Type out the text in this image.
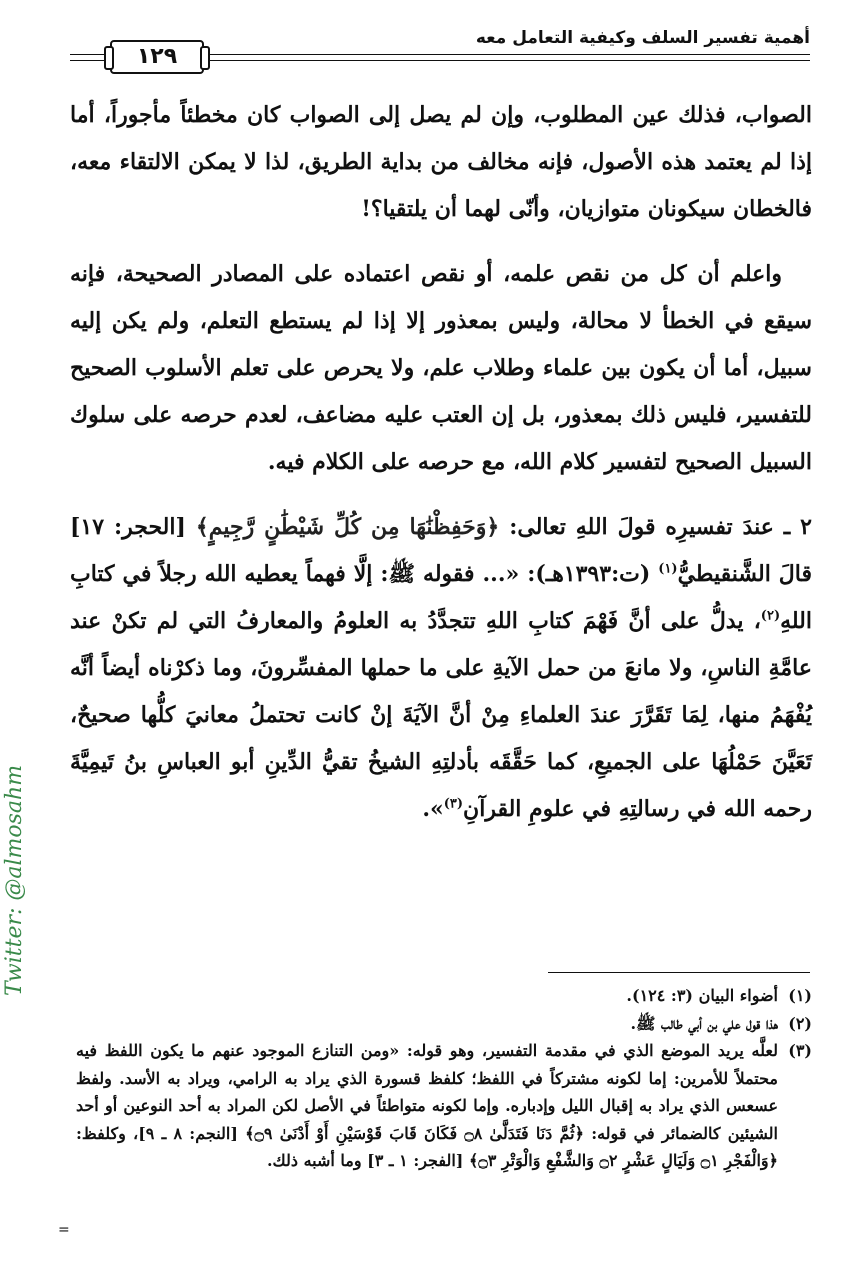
أهمية تفسير السلف وكيفية التعامل معه
١٢٩

الصواب، فذلك عين المطلوب، وإن لم يصل إلى الصواب كان مخطئاً مأجوراً، أما إذا لم يعتمد هذه الأصول، فإنه مخالف من بداية الطريق، لذا لا يمكن الالتقاء معه، فالخطان سيكونان متوازيان، وأنّى لهما أن يلتقيا؟!

واعلم أن كل من نقص علمه، أو نقص اعتماده على المصادر الصحيحة، فإنه سيقع في الخطأ لا محالة، وليس بمعذور إلا إذا لم يستطع التعلم، ولم يكن إليه سبيل، أما أن يكون بين علماء وطلاب علم، ولا يحرص على تعلم الأسلوب الصحيح للتفسير، فليس ذلك بمعذور، بل إن العتب عليه مضاعف، لعدم حرصه على سلوك السبيل الصحيح لتفسير كلام الله، مع حرصه على الكلام فيه.

٢ ـ عندَ تفسيرِه قولَ اللهِ تعالى: ﴿وَحَفِظْنَٰهَا مِن كُلِّ شَيْطَٰنٍ رَّجِيمٍ﴾ [الحجر: ١٧] قالَ الشَّنقيطيُّ$^{(١)}$ (ت:١٣٩٣هـ): «... فقوله ﷺ: إلَّا فهماً يعطيه الله رجلاً في كتابِ اللهِ$^{(٢)}$، يدلُّ على أنَّ فَهْمَ كتابِ اللهِ تتجدَّدُ به العلومُ والمعارفُ التي لم تكنْ عند عامَّةِ الناسِ، ولا مانعَ من حمل الآيةِ على ما حملها المفسِّرونَ، وما ذكرْناه أيضاً أنَّه يُفْهَمُ منها، لِمَا تَقَرَّرَ عندَ العلماءِ مِنْ أنَّ الآيَةَ إنْ كانت تحتملُ معانيَ كلُّها صحيحٌ، تَعَيَّنَ حَمْلُهَا على الجميعِ، كما حَقَّقَه بأدلتِهِ الشيخُ تقيُّ الدِّينِ أبو العباسِ بنُ تَيمِيَّةَ رحمه الله في رسالتِهِ في علومِ القرآنِ$^{(٣)}$».

(١)
أضواء البيان (٣: ١٢٤).
(٢)
هذا قول علي بن أبي طالب ﷺ.
(٣)
لعلَّه يريد الموضع الذي في مقدمة التفسير، وهو قوله: «ومن التنازع الموجود عنهم ما يكون اللفظ فيه محتملاً للأمرين: إما لكونه مشتركاً في اللفظ؛ كلفظ قسورة الذي يراد به الرامي، ويراد به الأسد. ولفظ عسعس الذي يراد به إقبال الليل وإدباره. وإما لكونه متواطئاً في الأصل لكن المراد به أحد النوعين أو أحد الشيئين كالضمائر في قوله: ﴿ثُمَّ دَنَا فَتَدَلَّىٰ ۝٨ فَكَانَ قَابَ قَوْسَيْنِ أَوْ أَدْنَىٰ ۝٩﴾ [النجم: ٨ ـ ٩]، وكلفظ: ﴿وَالْفَجْرِ ۝١ وَلَيَالٍ عَشْرٍ ۝٢ وَالشَّفْعِ وَالْوَتْرِ ۝٣﴾ [الفجر: ١ ـ ٣] وما أشبه ذلك.
Twitter: @almosahm
=
